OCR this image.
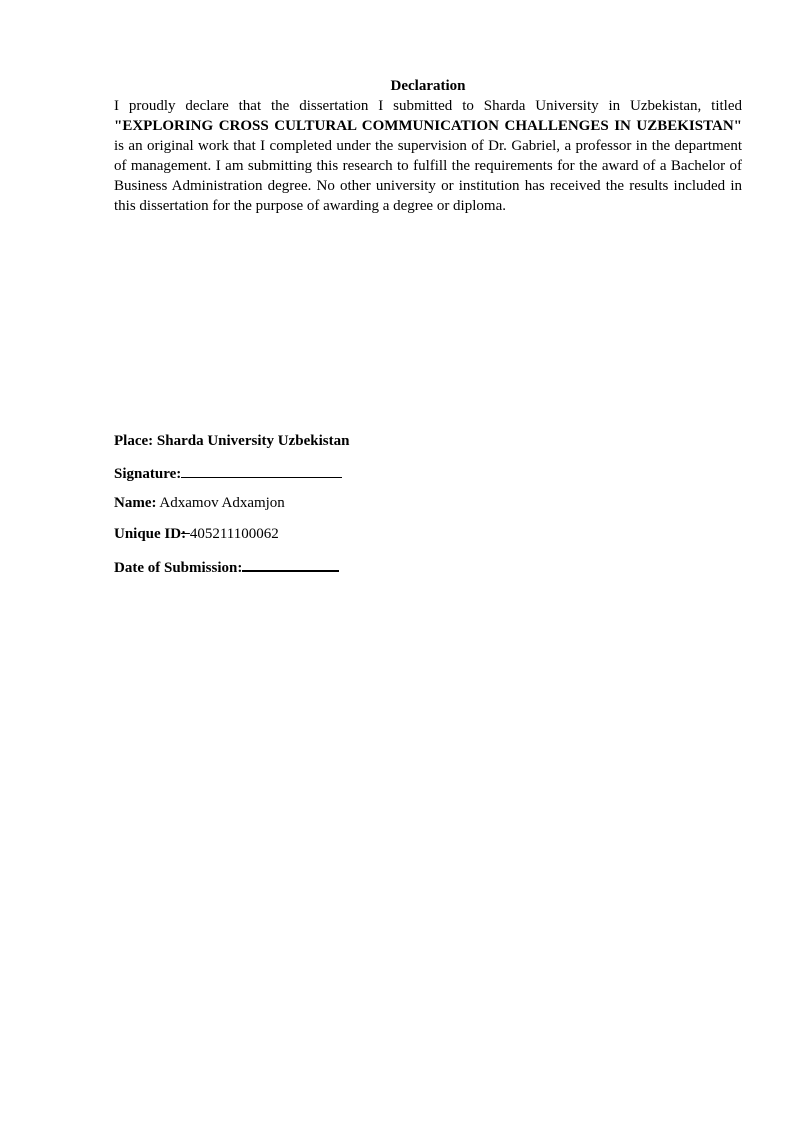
Declaration
I proudly declare that the dissertation I submitted to Sharda University in Uzbekistan, titled "EXPLORING CROSS CULTURAL COMMUNICATION CHALLENGES IN UZBEKISTAN" is an original work that I completed under the supervision of Dr. Gabriel, a professor in the department of management. I am submitting this research to fulfill the requirements for the award of a Bachelor of Business Administration degree. No other university or institution has received the results included in this dissertation for the purpose of awarding a degree or diploma.
Place: Sharda University Uzbekistan
Signature:
Name: Adxamov Adxamjon
Unique ID: 405211100062
Date of Submission:
